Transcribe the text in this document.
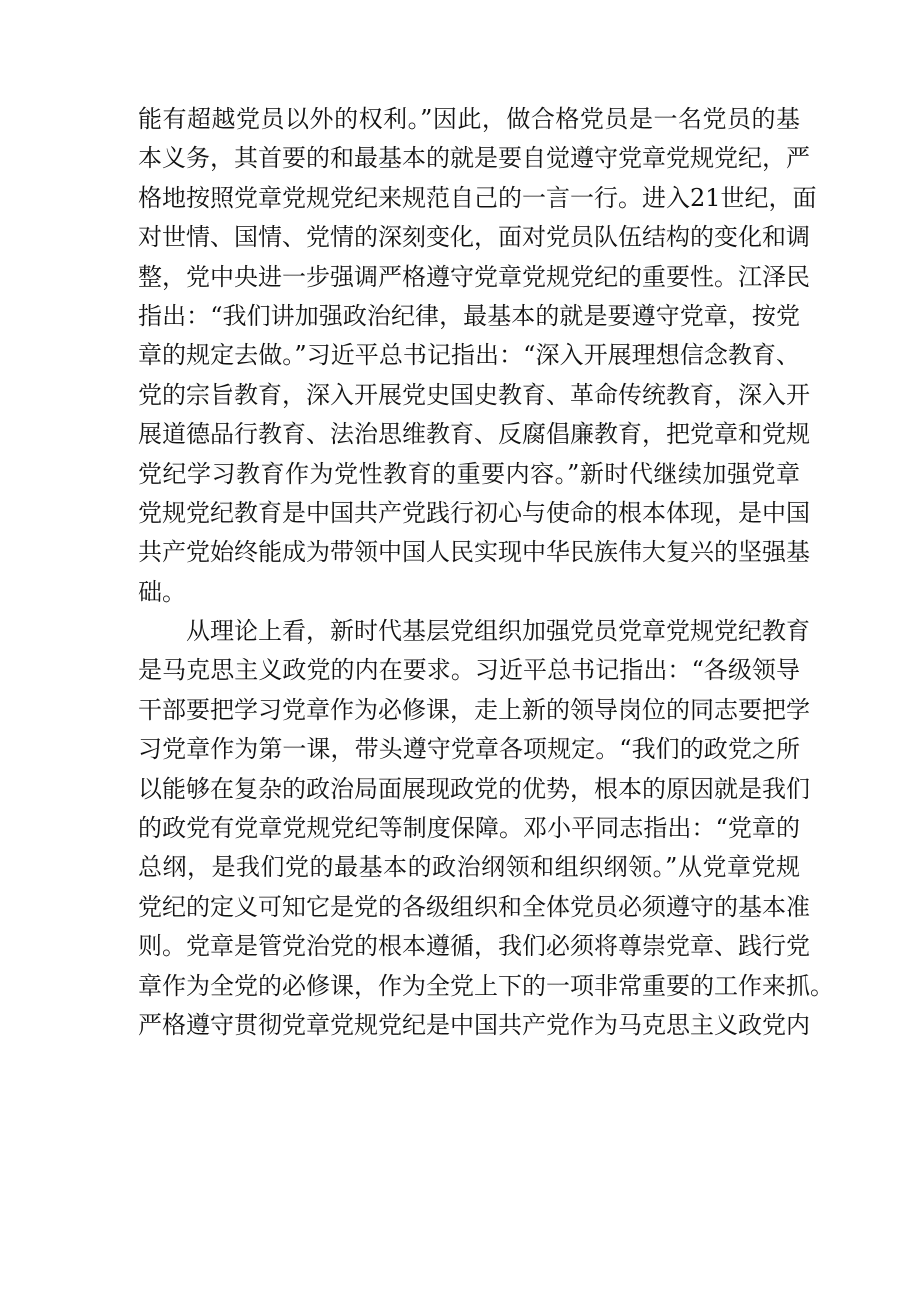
能有超越党员以外的权利。”因此，做合格党员是一名党员的基
本义务，其首要的和最基本的就是要自觉遵守党章党规党纪，严
格地按照党章党规党纪来规范自己的一言一行。进入21世纪，面
对世情、国情、党情的深刻变化，面对党员队伍结构的变化和调
整，党中央进一步强调严格遵守党章党规党纪的重要性。江泽民
指出：“我们讲加强政治纪律，最基本的就是要遵守党章，按党
章的规定去做。”习近平总书记指出：“深入开展理想信念教育、
党的宗旨教育，深入开展党史国史教育、革命传统教育，深入开
展道德品行教育、法治思维教育、反腐倡廉教育，把党章和党规
党纪学习教育作为党性教育的重要内容。”新时代继续加强党章
党规党纪教育是中国共产党践行初心与使命的根本体现，是中国
共产党始终能成为带领中国人民实现中华民族伟大复兴的坚强基
础。
从理论上看，新时代基层党组织加强党员党章党规党纪教育
是马克思主义政党的内在要求。习近平总书记指出：“各级领导
干部要把学习党章作为必修课，走上新的领导岗位的同志要把学
习党章作为第一课，带头遵守党章各项规定。“我们的政党之所
以能够在复杂的政治局面展现政党的优势，根本的原因就是我们
的政党有党章党规党纪等制度保障。邓小平同志指出：“党章的
总纲，是我们党的最基本的政治纲领和组织纲领。”从党章党规
党纪的定义可知它是党的各级组织和全体党员必须遵守的基本准
则。党章是管党治党的根本遵循，我们必须将尊崇党章、践行党
章作为全党的必修课，作为全党上下的一项非常重要的工作来抓。
严格遵守贯彻党章党规党纪是中国共产党作为马克思主义政党内
